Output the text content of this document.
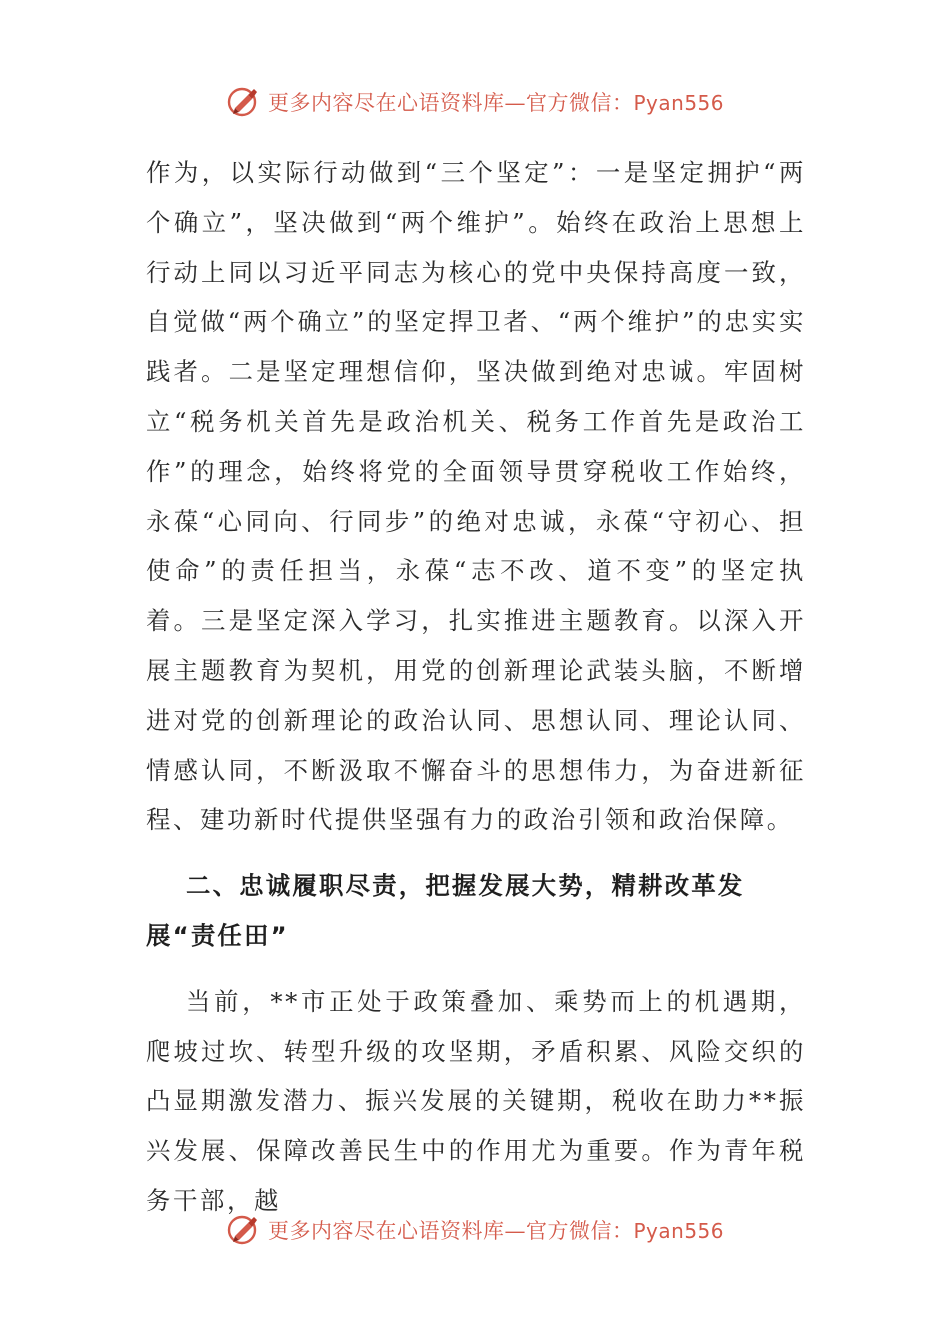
更多内容尽在心语资料库—官方微信：Pyan556

作为，以实际行动做到“三个坚定”：一是坚定拥护“两个确立”，坚决做到“两个维护”。始终在政治上思想上行动上同以习近平同志为核心的党中央保持高度一致，自觉做“两个确立”的坚定捍卫者、“两个维护”的忠实实践者。二是坚定理想信仰，坚决做到绝对忠诚。牢固树立“税务机关首先是政治机关、税务工作首先是政治工作”的理念，始终将党的全面领导贯穿税收工作始终，永葆“心同向、行同步”的绝对忠诚，永葆“守初心、担使命”的责任担当，永葆“志不改、道不变”的坚定执着。三是坚定深入学习，扎实推进主题教育。以深入开展主题教育为契机，用党的创新理论武装头脑，不断增进对党的创新理论的政治认同、思想认同、理论认同、情感认同，不断汲取不懈奋斗的思想伟力，为奋进新征程、建功新时代提供坚强有力的政治引领和政治保障。

二、忠诚履职尽责，把握发展大势，精耕改革发展“责任田”

当前，**市正处于政策叠加、乘势而上的机遇期，爬坡过坎、转型升级的攻坚期，矛盾积累、风险交织的凸显期激发潜力、振兴发展的关键期，税收在助力**振兴发展、保障改善民生中的作用尤为重要。作为青年税务干部，越

更多内容尽在心语资料库—官方微信：Pyan556
